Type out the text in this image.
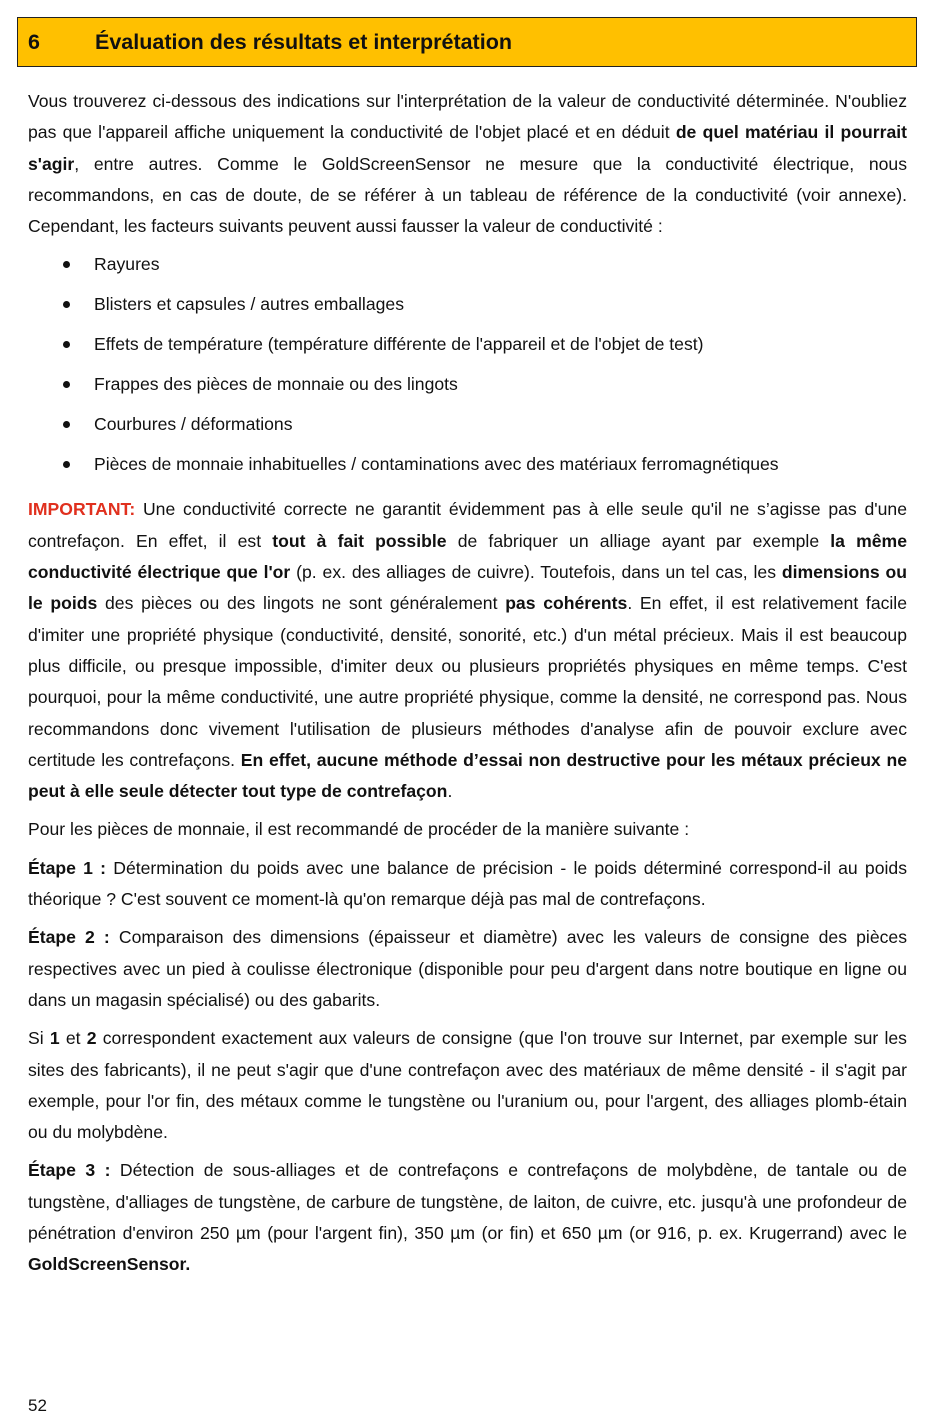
6	Évaluation des résultats et interprétation

Vous trouverez ci-dessous des indications sur l'interprétation de la valeur de conductivité déterminée. N'oubliez pas que l'appareil affiche uniquement la conductivité de l'objet placé et en déduit de quel matériau il pourrait s'agir, entre autres. Comme le GoldScreenSensor ne mesure que la conductivité électrique, nous recommandons, en cas de doute, de se référer à un tableau de référence de la conductivité (voir annexe). Cependant, les facteurs suivants peuvent aussi fausser la valeur de conductivité :

Rayures
Blisters et capsules / autres emballages
Effets de température (température différente de l'appareil et de l'objet de test)
Frappes des pièces de monnaie ou des lingots
Courbures / déformations
Pièces de monnaie inhabituelles / contaminations avec des matériaux ferromagnétiques

IMPORTANT: Une conductivité correcte ne garantit évidemment pas à elle seule qu'il ne s’agisse pas d'une contrefaçon. En effet, il est tout à fait possible de fabriquer un alliage ayant par exemple la même conductivité électrique que l'or (p. ex. des alliages de cuivre). Toutefois, dans un tel cas, les dimensions ou le poids des pièces ou des lingots ne sont généralement pas cohérents. En effet, il est relativement facile d'imiter une propriété physique (conductivité, densité, sonorité, etc.) d'un métal précieux. Mais il est beaucoup plus difficile, ou presque impossible, d'imiter deux ou plusieurs propriétés physiques en même temps. C'est pourquoi, pour la même conductivité, une autre propriété physique, comme la densité, ne correspond pas. Nous recommandons donc vivement l'utilisation de plusieurs méthodes d'analyse afin de pouvoir exclure avec certitude les contrefaçons. En effet, aucune méthode d’essai non destructive pour les métaux précieux ne peut à elle seule détecter tout type de contrefaçon.

Pour les pièces de monnaie, il est recommandé de procéder de la manière suivante :

Étape 1 : Détermination du poids avec une balance de précision - le poids déterminé correspond-il au poids théorique ? C'est souvent ce moment-là qu'on remarque déjà pas mal de contrefaçons.

Étape 2 : Comparaison des dimensions (épaisseur et diamètre) avec les valeurs de consigne des pièces respectives avec un pied à coulisse électronique (disponible pour peu d'argent dans notre boutique en ligne ou dans un magasin spécialisé) ou des gabarits.

Si 1 et 2 correspondent exactement aux valeurs de consigne (que l'on trouve sur Internet, par exemple sur les sites des fabricants), il ne peut s'agir que d'une contrefaçon avec des matériaux de même densité - il s'agit par exemple, pour l'or fin, des métaux comme le tungstène ou l'uranium ou, pour l'argent, des alliages plomb-étain ou du molybdène.

Étape 3 : Détection de sous-alliages et de contrefaçons e contrefaçons de molybdène, de tantale ou de tungstène, d'alliages de tungstène, de carbure de tungstène, de laiton, de cuivre, etc. jusqu'à une profondeur de pénétration d'environ 250 µm (pour l'argent fin), 350 µm (or fin) et 650 µm (or 916, p. ex. Krugerrand) avec le GoldScreenSensor.

52
